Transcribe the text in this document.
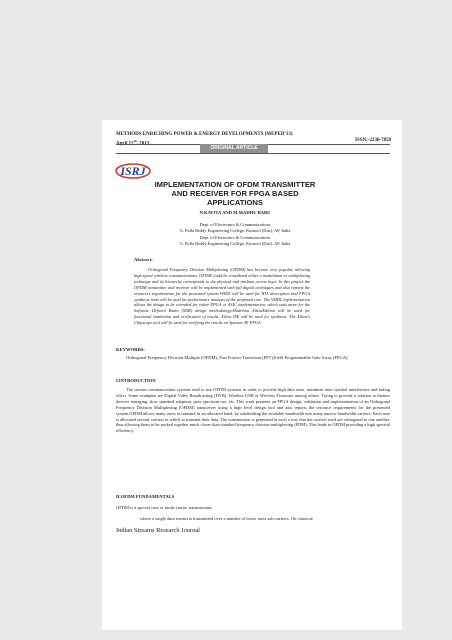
METHODS ENRICHING POWER & ENERGY DEVELOPMENTS (MEPED'13)
April 12th, 2013
ISSN:-2230-7850
ORIGINAL ARTICLE
ISRJ
IMPLEMENTATION OF OFDM TRANSMITTER AND RECEIVER FOR FPGA BASED APPLICATIONS
N.KAVITA AND M.MADHU BABU
Dept. of Electronics & Communications
G. Pulla Reddy Engineering College, Kurnool (Dist), AP, India
Dept. of Electronics & Communications
G. Pulla Reddy Engineering College, Kurnool (Dist), AP, India
Abstract:
Orthogonal Frequency Division Multiplexing (OFDM) has become very popular, allowing high speed wireless communications. OFDM could be considered either a modulation or multiplexing technique and its hierarchy corresponds to the physical and medium access layer. In this project the OFDM transmitter and receiver will be implemented with full digital techniques and also reports the resources requirements for the presented system.VHDL will be used for RTL description and FPGA synthesis tools will be used for performance analysis of the proposed core. The VHDL implementation allows the design to be extended for either FPGA or ASIC implementation, which suits more for the Software Defined Radio (SDR) design methodology.Modelsim XilinxEdition will be used for functional simulation and verification of results. Xilinx ISE will be used for synthesis. The Xilinx's Chipscope tool will be used for verifying the results on Spartan 3E FPGA.
KEYWORDS:
Orthogonal Frequency Division Multiple (OFDM), Fast Fourier Transform (FFT),Field Programmable Gate Array (FPGA).
I.INTRODUCTION
The current communication systems tend to use OFDM systems in order to provide high data rates, minimize inter symbol interference and fading effect. Some examples are Digital Video Broadcasting (DVB), Wireless USB or Wireless Firmware among others. Trying to provide a solution to thenew devices emerging, slow standard adoption, poor spectrum use, etc. This work presents an FPGA design, validation and implementation of an Orthogonal Frequency Division Multiplexing (OFDM) transceiver using a high level design tool and also reports the resource requirements for the presented system.OFDM allows many users to transmit in an allocated band, by subdividing the available bandwidth into many narrow bandwidth carriers. Each user is allocated several carriers in which to transmit their data. The transmission is generated in such a way that the carriers used are orthogonal to one another, thus allowing them to be packed together much closer than standard frequency division multiplexing (FDM). This leads to OFDM providing a high spectral efficiency.
II.OFDM FUNDAMENTALS
OFDM is a special case of multi-carrier transmission,
where a single data stream is transmitted over a number of lower rates sub-carriers. On classical
Indian Streams Research Journal
